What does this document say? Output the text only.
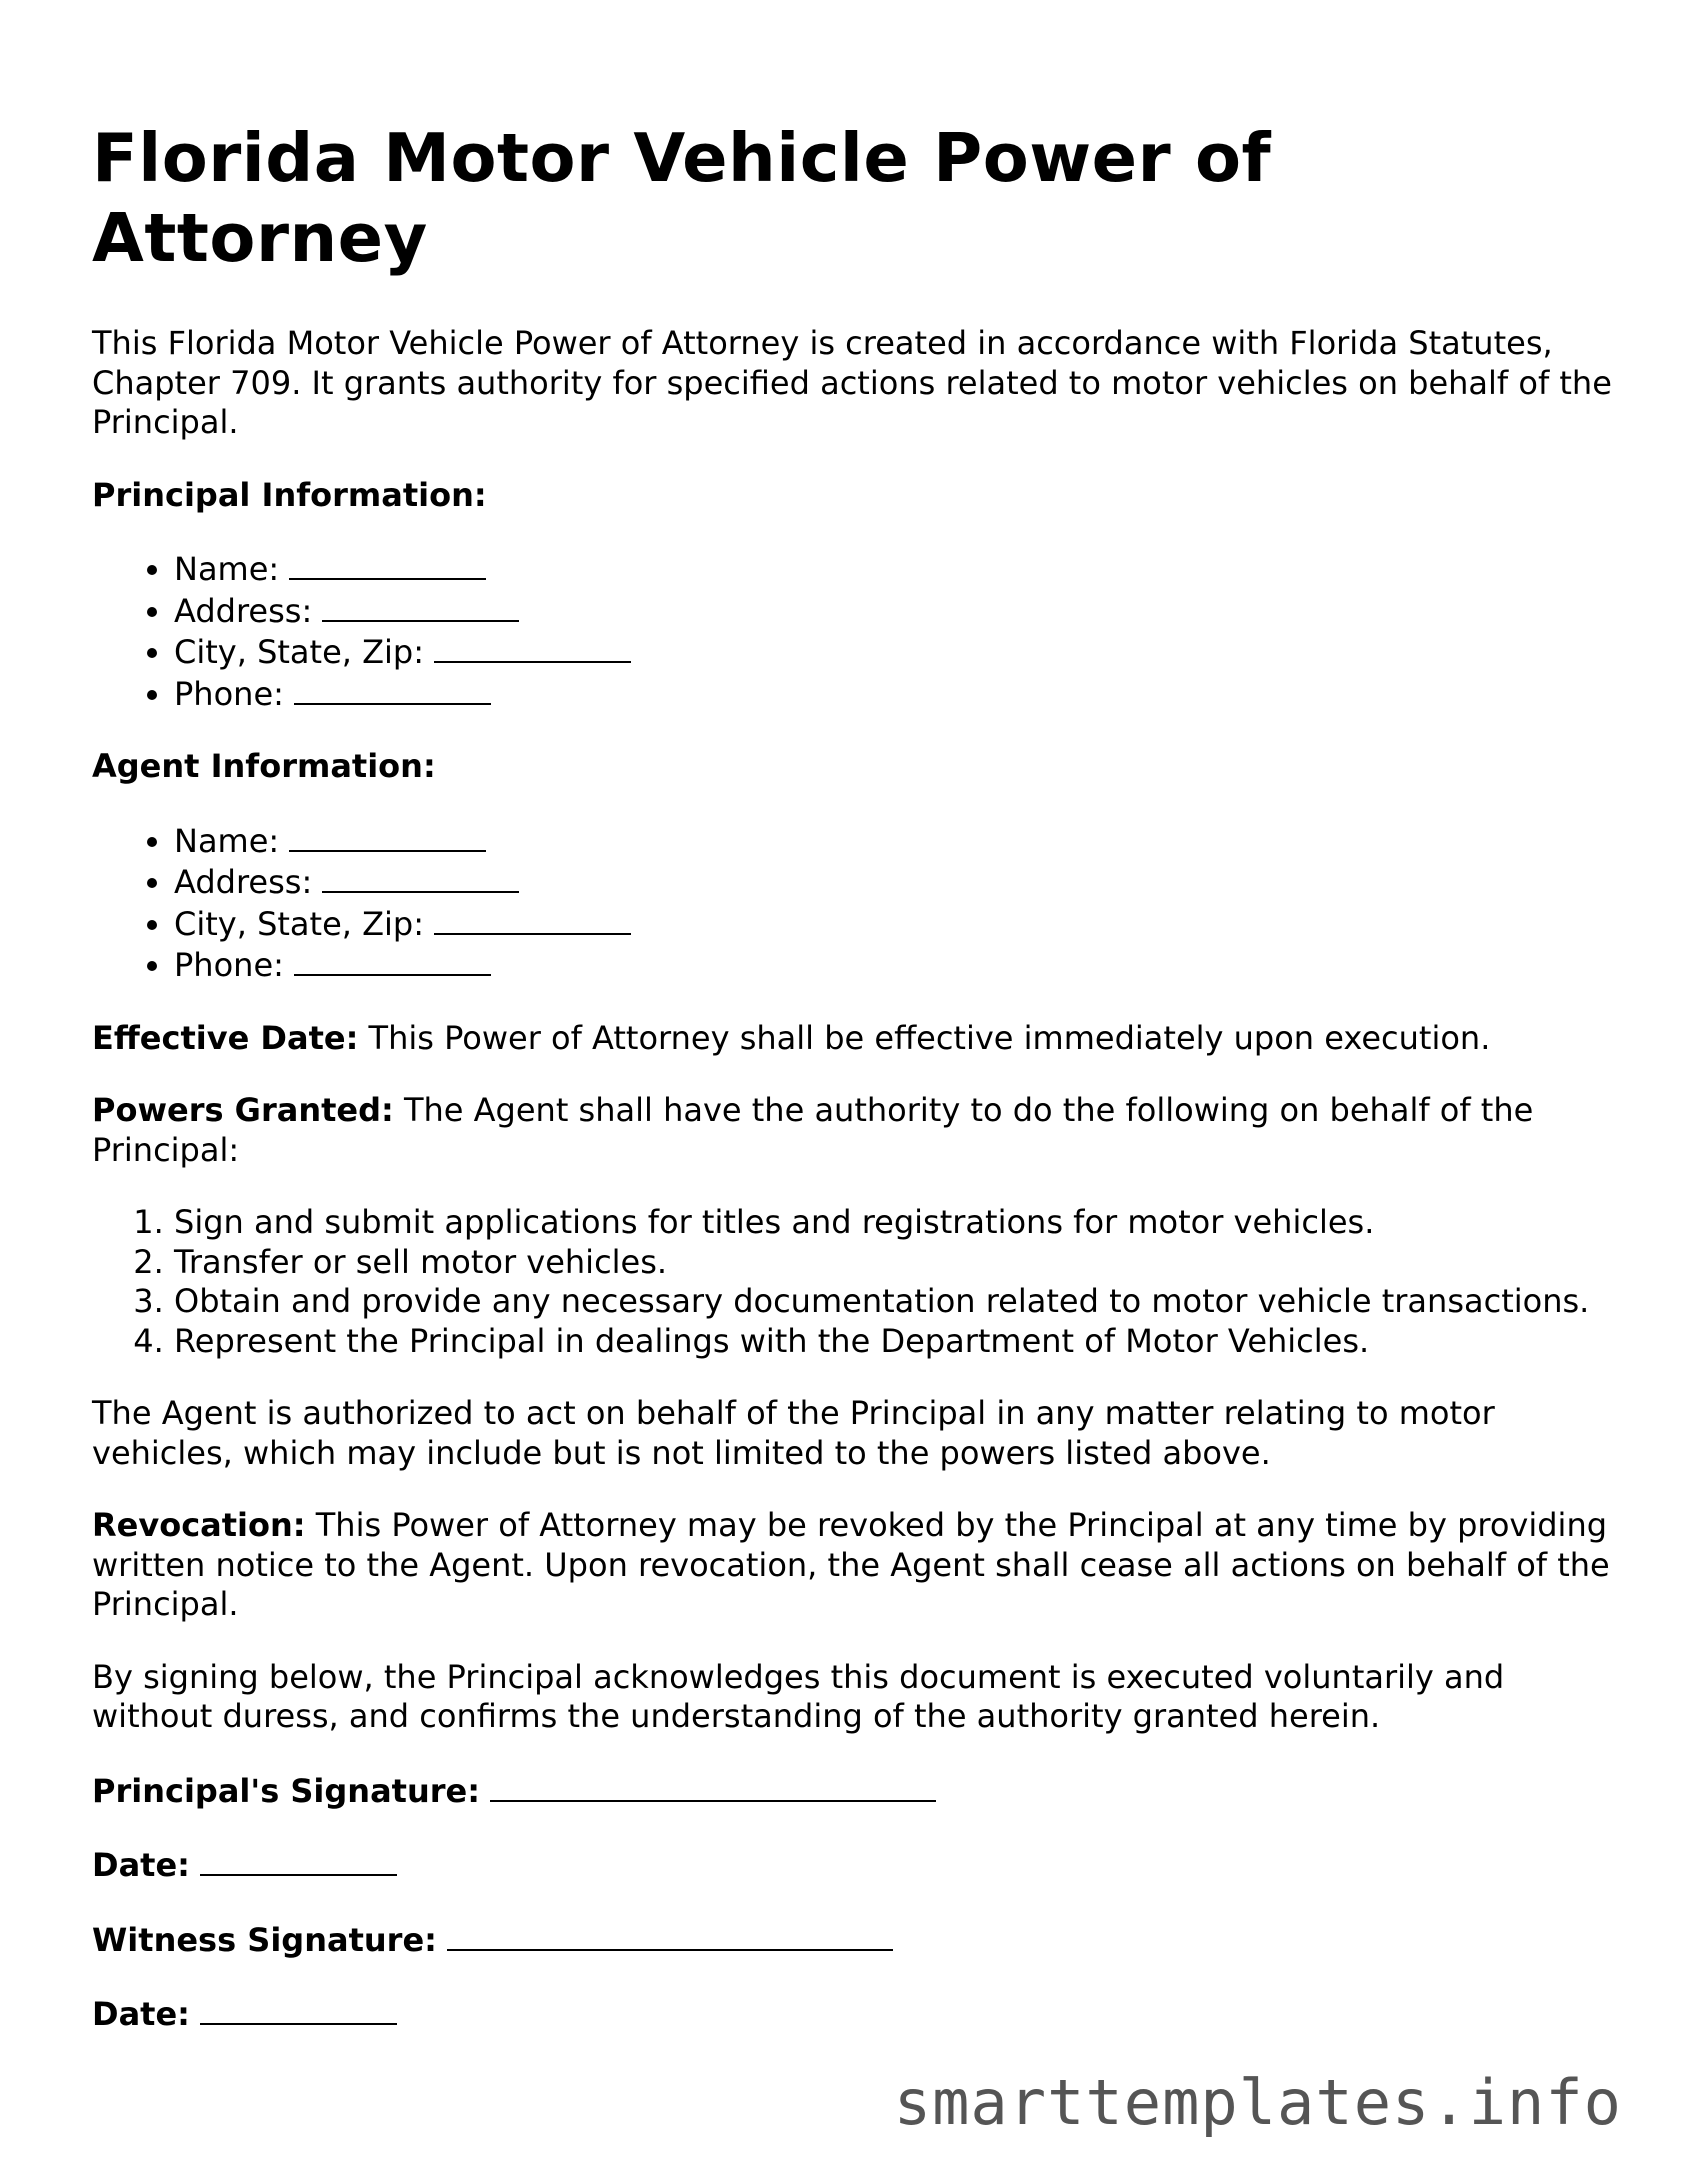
Florida Motor Vehicle Power of Attorney

This Florida Motor Vehicle Power of Attorney is created in accordance with Florida Statutes, Chapter 709. It grants authority for specified actions related to motor vehicles on behalf of the Principal.

Principal Information:

• Name:
• Address:
• City, State, Zip:
• Phone:

Agent Information:

• Name:
• Address:
• City, State, Zip:
• Phone:

Effective Date: This Power of Attorney shall be effective immediately upon execution.

Powers Granted: The Agent shall have the authority to do the following on behalf of the Principal:

1. Sign and submit applications for titles and registrations for motor vehicles.
2. Transfer or sell motor vehicles.
3. Obtain and provide any necessary documentation related to motor vehicle transactions.
4. Represent the Principal in dealings with the Department of Motor Vehicles.

The Agent is authorized to act on behalf of the Principal in any matter relating to motor vehicles, which may include but is not limited to the powers listed above.

Revocation: This Power of Attorney may be revoked by the Principal at any time by providing written notice to the Agent. Upon revocation, the Agent shall cease all actions on behalf of the Principal.

By signing below, the Principal acknowledges this document is executed voluntarily and without duress, and confirms the understanding of the authority granted herein.

Principal's Signature:

Date:

Witness Signature:

Date:

smarttemplates.info
